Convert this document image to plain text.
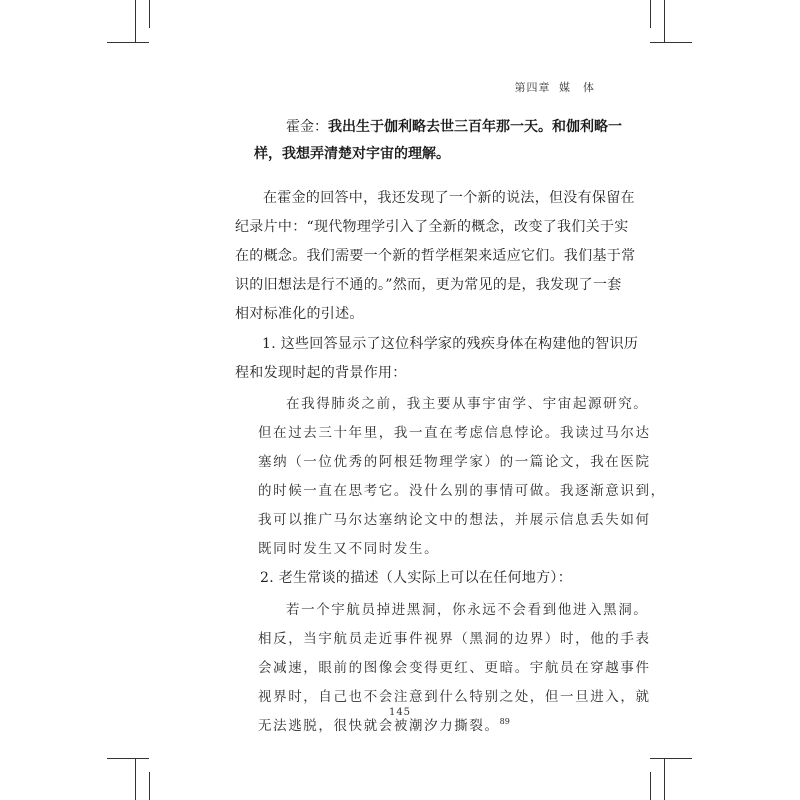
第四章 媒　体
霍金：我出生于伽利略去世三百年那一天。和伽利略一
样，我想弄清楚对宇宙的理解。
在霍金的回答中，我还发现了一个新的说法，但没有保留在
纪录片中：“现代物理学引入了全新的概念，改变了我们关于实
在的概念。我们需要一个新的哲学框架来适应它们。我们基于常
识的旧想法是行不通的。”然而，更为常见的是，我发现了一套
相对标准化的引述。
1. 这些回答显示了这位科学家的残疾身体在构建他的智识历
程和发现时起的背景作用：
在我得肺炎之前，我主要从事宇宙学、宇宙起源研究。
但在过去三十年里，我一直在考虑信息悖论。我读过马尔达
塞纳（一位优秀的阿根廷物理学家）的一篇论文，我在医院
的时候一直在思考它。没什么别的事情可做。我逐渐意识到，
我可以推广马尔达塞纳论文中的想法，并展示信息丢失如何
既同时发生又不同时发生。
2. 老生常谈的描述（人实际上可以在任何地方）：
若一个宇航员掉进黑洞，你永远不会看到他进入黑洞。
相反，当宇航员走近事件视界（黑洞的边界）时，他的手表
会减速，眼前的图像会变得更红、更暗。宇航员在穿越事件
视界时，自己也不会注意到什么特别之处，但一旦进入，就
无法逃脱，很快就会被潮汐力撕裂。$^{89}$
145
